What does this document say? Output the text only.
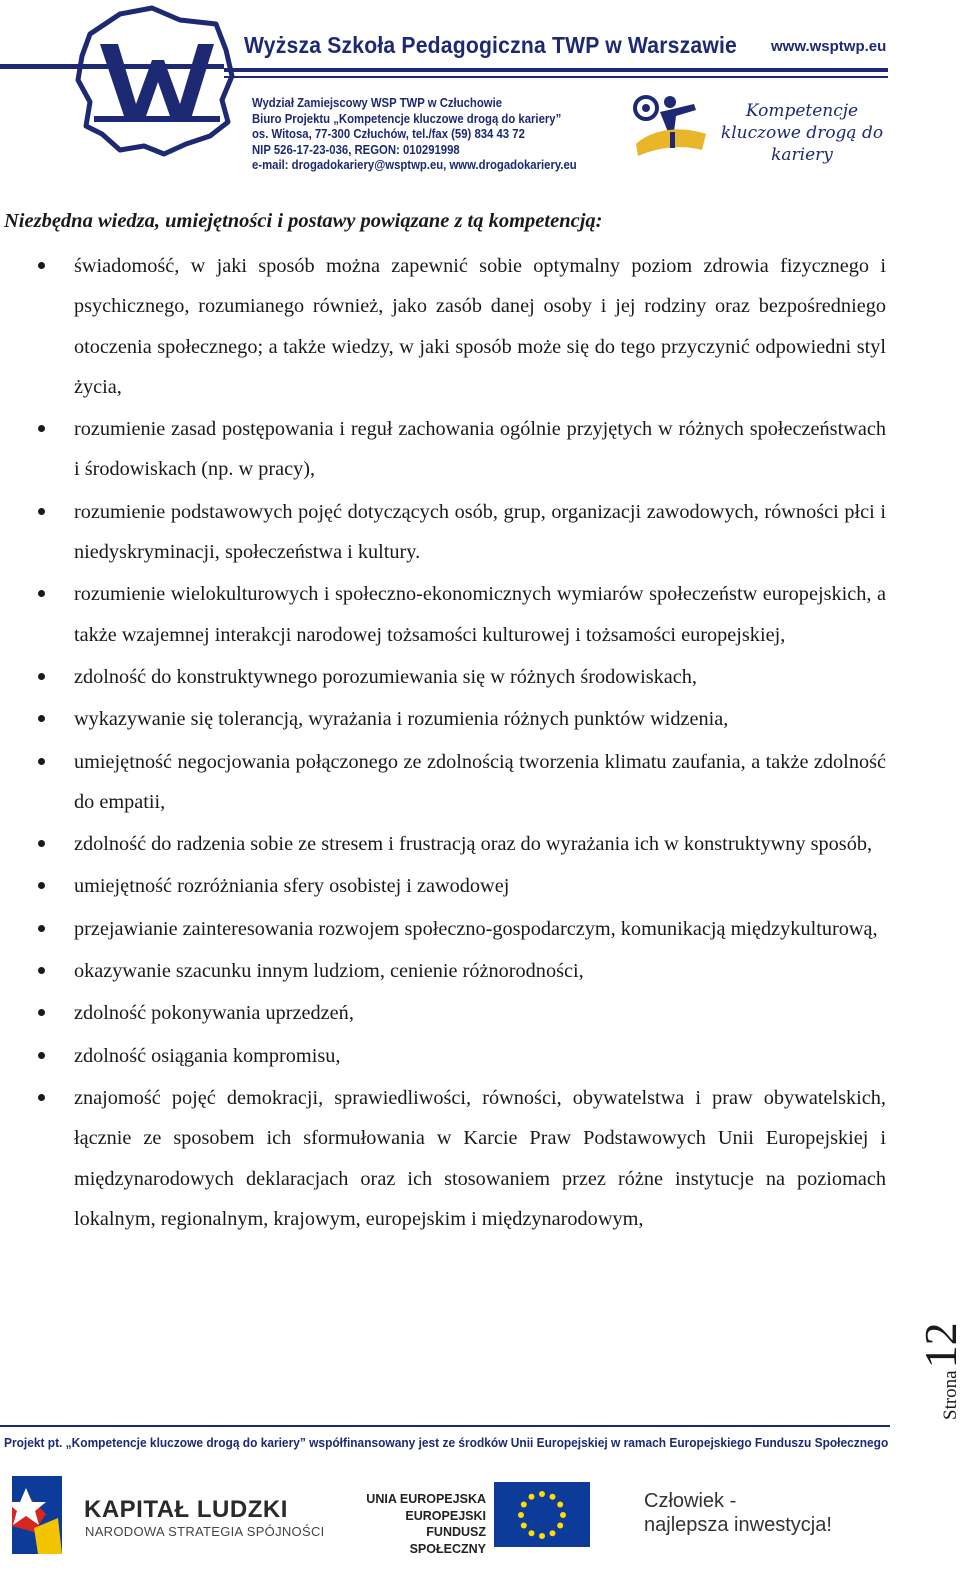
Wyższa Szkoła Pedagogiczna TWP w Warszawie www.wsptwp.eu
Wydział Zamiejscowy WSP TWP w Człuchowie
Biuro Projektu „Kompetencje kluczowe drogą do kariery”
os. Witosa, 77-300 Człuchów, tel./fax (59) 834 43 72
NIP 526-17-23-036, REGON: 010291998
e-mail: drogadokariery@wsptwp.eu, www.drogadokariery.eu
Kompetencje kluczowe drogą do kariery
Niezbędna wiedza, umiejętności i postawy powiązane z tą kompetencją:
świadomość, w jaki sposób można zapewnić sobie optymalny poziom zdrowia fizycznego i psychicznego, rozumianego również, jako zasób danej osoby i jej rodziny oraz bezpośredniego otoczenia społecznego; a także wiedzy, w jaki sposób może się do tego przyczynić odpowiedni styl życia,
rozumienie zasad postępowania i reguł zachowania ogólnie przyjętych w różnych społeczeństwach i środowiskach (np. w pracy),
rozumienie podstawowych pojęć dotyczących osób, grup, organizacji zawodowych, równości płci i niedyskryminacji, społeczeństwa i kultury.
rozumienie wielokulturowych i społeczno-ekonomicznych wymiarów społeczeństw europejskich, a także wzajemnej interakcji narodowej tożsamości kulturowej i tożsamości europejskiej,
zdolność do konstruktywnego porozumiewania się w różnych środowiskach,
wykazywanie się tolerancją, wyrażania i rozumienia różnych punktów widzenia,
umiejętność negocjowania połączonego ze zdolnością tworzenia klimatu zaufania, a także zdolność do empatii,
zdolność do radzenia sobie ze stresem i frustracją oraz do wyrażania ich w konstruktywny sposób,
umiejętność rozróżniania sfery osobistej i zawodowej
przejawianie zainteresowania rozwojem społeczno-gospodarczym, komunikacją międzykulturową,
okazywanie szacunku innym ludziom, cenienie różnorodności,
zdolność pokonywania uprzedzeń,
zdolność osiągania kompromisu,
znajomość pojęć demokracji, sprawiedliwości, równości, obywatelstwa i praw obywatelskich, łącznie ze sposobem ich sformułowania w Karcie Praw Podstawowych Unii Europejskiej i międzynarodowych deklaracjach oraz ich stosowaniem przez różne instytucje na poziomach lokalnym, regionalnym, krajowym, europejskim i międzynarodowym,
Strona12
Projekt pt. „Kompetencje kluczowe drogą do kariery” współfinansowany jest ze środków Unii Europejskiej w ramach Europejskiego Funduszu Społecznego
KAPITAŁ LUDZKI
NARODOWA STRATEGIA SPÓJNOŚCI
UNIA EUROPEJSKA
EUROPEJSKI
FUNDUSZ SPOŁECZNY
Człowiek -
najlepsza inwestycja!
